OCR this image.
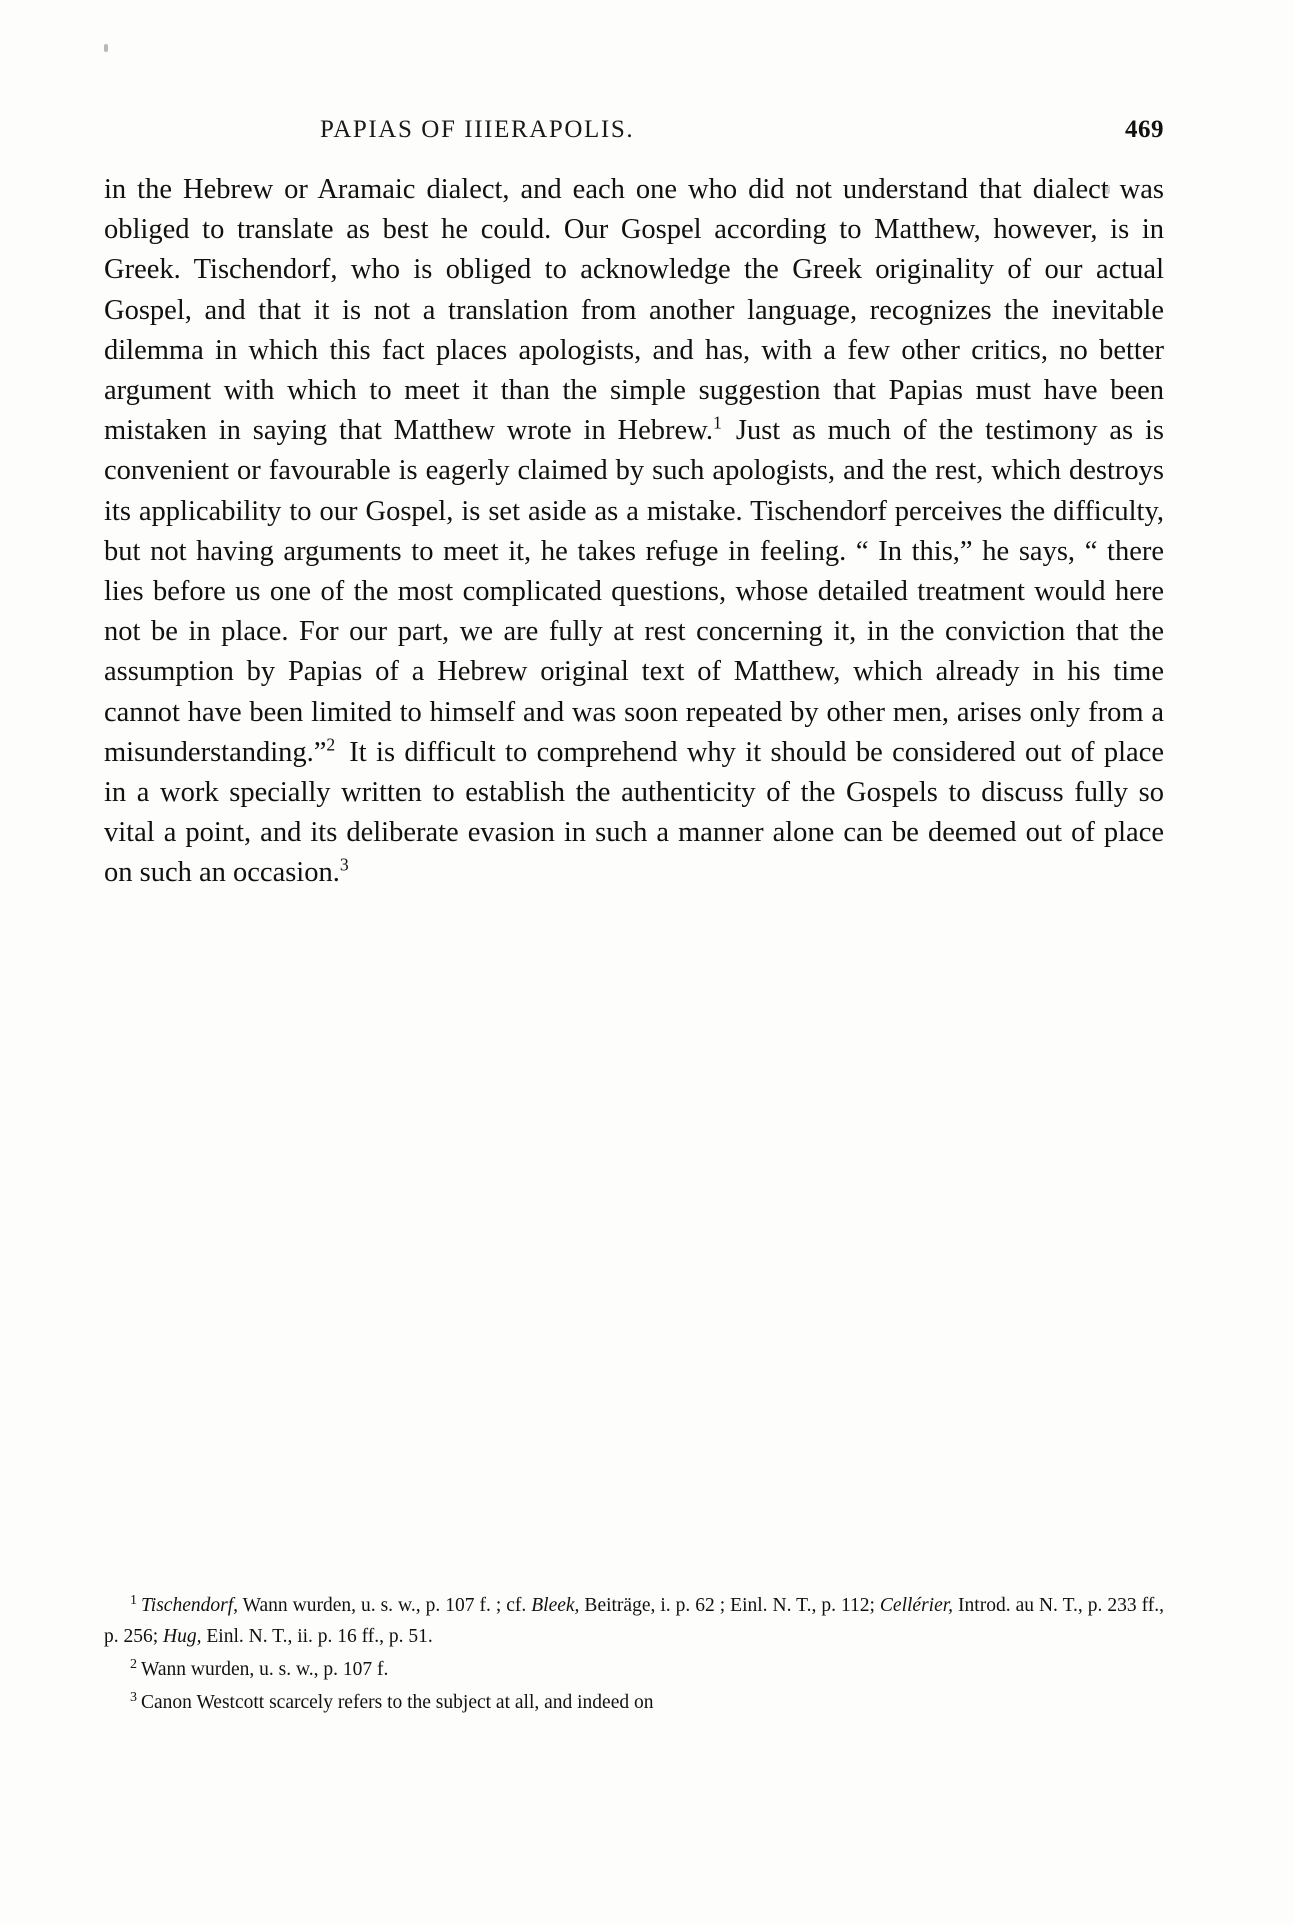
PAPIAS OF IIIERAPOLIS.	469

in the Hebrew or Aramaic dialect, and each one who did not understand that dialect was obliged to translate as best he could. Our Gospel according to Matthew, however, is in Greek. Tischendorf, who is obliged to acknowledge the Greek originality of our actual Gospel, and that it is not a translation from another language, recognizes the inevitable dilemma in which this fact places apologists, and has, with a few other critics, no better argument with which to meet it than the simple suggestion that Papias must have been mistaken in saying that Matthew wrote in Hebrew.$^1$ Just as much of the testimony as is convenient or favourable is eagerly claimed by such apologists, and the rest, which destroys its applicability to our Gospel, is set aside as a mistake. Tischendorf perceives the difficulty, but not having arguments to meet it, he takes refuge in feeling. “ In this,” he says, “ there lies before us one of the most complicated questions, whose detailed treatment would here not be in place. For our part, we are fully at rest concerning it, in the conviction that the assumption by Papias of a Hebrew original text of Matthew, which already in his time cannot have been limited to himself and was soon repeated by other men, arises only from a misunderstanding.”$^2$ It is difficult to comprehend why it should be considered out of place in a work specially written to establish the authenticity of the Gospels to discuss fully so vital a point, and its deliberate evasion in such a manner alone can be deemed out of place on such an occasion.$^3$

$^1$ Tischendorf, Wann wurden, u. s. w., p. 107 f. ; cf. Bleek, Beiträge, i. p. 62 ; Einl. N. T., p. 112; Cellérier, Introd. au N. T., p. 233 ff., p. 256; Hug, Einl. N. T., ii. p. 16 ff., p. 51.

$^2$ Wann wurden, u. s. w., p. 107 f.

$^3$ Canon Westcott scarcely refers to the subject at all, and indeed on
